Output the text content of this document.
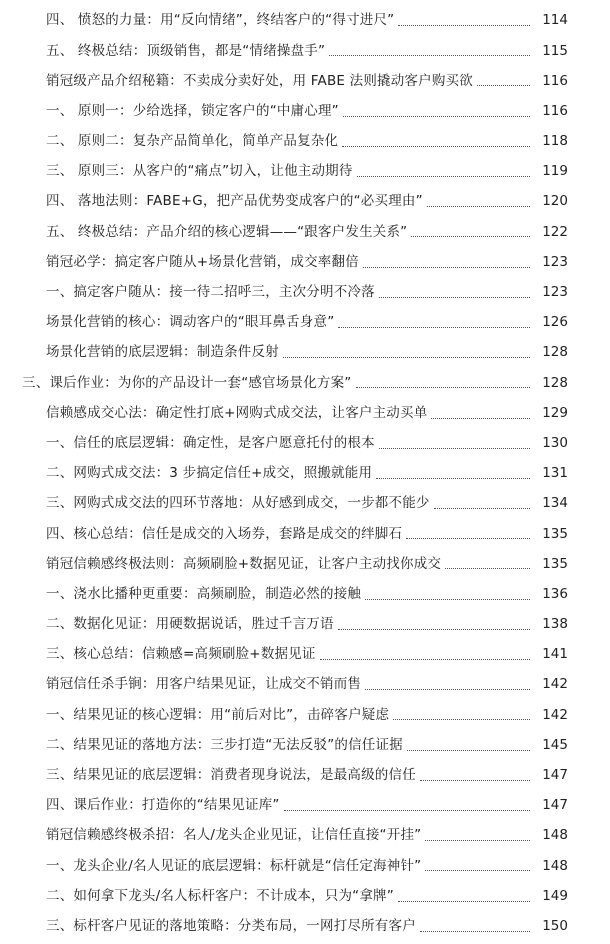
四、 愤怒的力量：用“反向情绪”，终结客户的“得寸进尺”	114
五、 终极总结：顶级销售，都是“情绪操盘手”	115
销冠级产品介绍秘籍：不卖成分卖好处，用 FABE 法则撬动客户购买欲	116
一、 原则一：少给选择，锁定客户的“中庸心理”	116
二、 原则二：复杂产品简单化，简单产品复杂化	118
三、 原则三：从客户的“痛点”切入，让他主动期待	119
四、 落地法则：FABE+G，把产品优势变成客户的“必买理由”	120
五、 终极总结：产品介绍的核心逻辑——“跟客户发生关系”	122
销冠必学：搞定客户随从+场景化营销，成交率翻倍	123
一、搞定客户随从：接一待二招呼三，主次分明不冷落	123
场景化营销的核心：调动客户的“眼耳鼻舌身意”	126
场景化营销的底层逻辑：制造条件反射	128
三、课后作业：为你的产品设计一套“感官场景化方案”	128
信赖感成交心法：确定性打底+网购式成交法，让客户主动买单	129
一、信任的底层逻辑：确定性，是客户愿意托付的根本	130
二、网购式成交法：3 步搞定信任+成交，照搬就能用	131
三、网购式成交法的四环节落地：从好感到成交，一步都不能少	134
四、核心总结：信任是成交的入场券，套路是成交的绊脚石	135
销冠信赖感终极法则：高频刷脸+数据见证，让客户主动找你成交	135
一、浇水比播种更重要：高频刷脸，制造必然的接触	136
二、数据化见证：用硬数据说话，胜过千言万语	138
三、核心总结：信赖感=高频刷脸+数据见证	141
销冠信任杀手锏：用客户结果见证，让成交不销而售	142
一、结果见证的核心逻辑：用“前后对比”，击碎客户疑虑	142
二、结果见证的落地方法：三步打造“无法反驳”的信任证据	145
三、结果见证的底层逻辑：消费者现身说法，是最高级的信任	147
四、课后作业：打造你的“结果见证库”	147
销冠信赖感终极杀招：名人/龙头企业见证，让信任直接“开挂”	148
一、龙头企业/名人见证的底层逻辑：标杆就是“信任定海神针”	148
二、如何拿下龙头/名人标杆客户：不计成本，只为“拿牌”	149
三、标杆客户见证的落地策略：分类布局，一网打尽所有客户	150
